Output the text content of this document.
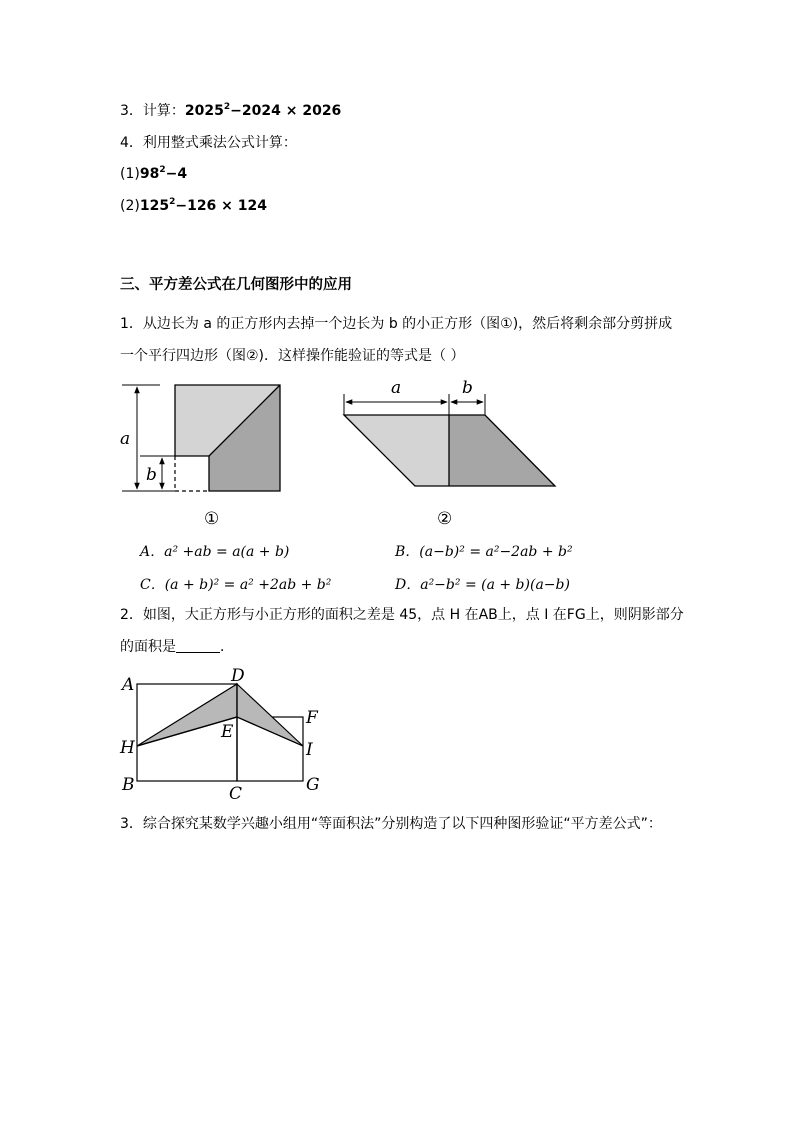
3．计算：$2025^2-2024 \times 2026$
4．利用整式乘法公式计算：
$(1)98^2-4$
$(2)125^2-126 \times 124$
三、平方差公式在几何图形中的应用
1．从边长为 a 的正方形内去掉一个边长为 b 的小正方形（图①)，然后将剩余部分剪拼成
一个平行四边形（图②)．这样操作能验证的等式是（ ）
a
b
①
a	b
②
A．a² +ab = a(a + b)	B．(a−b)² = a²−2ab + b²
C．(a + b)² = a² +2ab + b²	D．a²−b² = (a + b)(a−b)
2．如图，大正方形与小正方形的面积之差是 45，点 H 在AB上，点 I 在FG上，则阴影部分
的面积是	．
A	D
F
E
H	I
B	C	G
3．综合探究某数学兴趣小组用“等面积法”分别构造了以下四种图形验证“平方差公式”：
